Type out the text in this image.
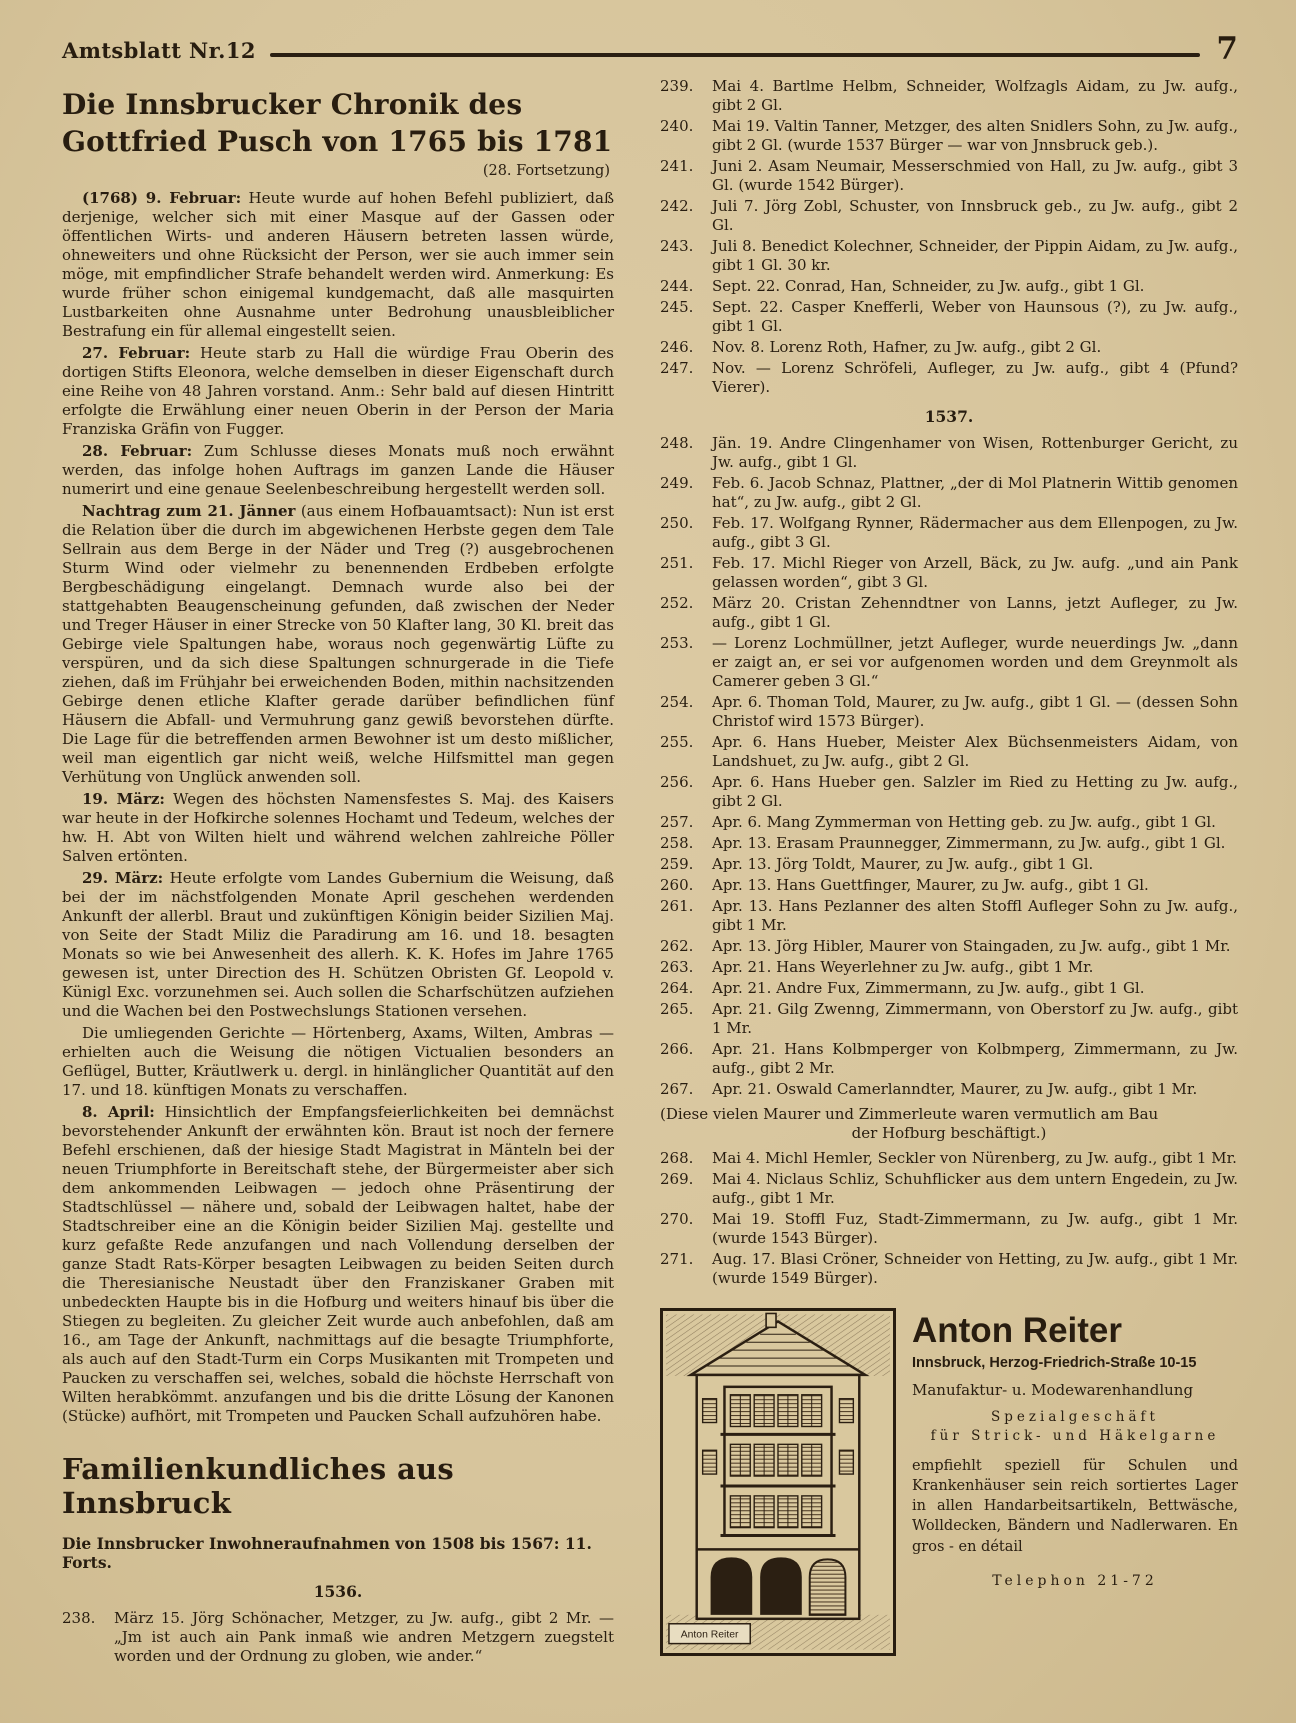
Amtsblatt Nr.12	7
Die Innsbrucker Chronik des
Gottfried Pusch von 1765 bis 1781
(28. Fortsetzung)

(1768) 9. Februar: Heute wurde auf hohen Befehl publiziert, daß derjenige, welcher sich mit einer Masque auf der Gassen oder öffentlichen Wirts- und anderen Häusern betreten lassen würde, ohneweiters und ohne Rücksicht der Person, wer sie auch immer sein möge, mit empfindlicher Strafe behandelt werden wird. Anmerkung: Es wurde früher schon einigemal kundgemacht, daß alle masquirten Lustbarkeiten ohne Ausnahme unter Bedrohung unausbleiblicher Bestrafung ein für allemal eingestellt seien.

27. Februar: Heute starb zu Hall die würdige Frau Oberin des dortigen Stifts Eleonora, welche demselben in dieser Eigenschaft durch eine Reihe von 48 Jahren vorstand. Anm.: Sehr bald auf diesen Hintritt erfolgte die Erwählung einer neuen Oberin in der Person der Maria Franziska Gräfin von Fugger.

28. Februar: Zum Schlusse dieses Monats muß noch erwähnt werden, das infolge hohen Auftrags im ganzen Lande die Häuser numerirt und eine genaue Seelenbeschreibung hergestellt werden soll.

Nachtrag zum 21. Jänner (aus einem Hofbauamtsact): Nun ist erst die Relation über die durch im abgewichenen Herbste gegen dem Tale Sellrain aus dem Berge in der Näder und Treg (?) ausgebrochenen Sturm Wind oder vielmehr zu benennenden Erdbeben erfolgte Bergbeschädigung eingelangt. Demnach wurde also bei der stattgehabten Beaugenscheinung gefunden, daß zwischen der Neder und Treger Häuser in einer Strecke von 50 Klafter lang, 30 Kl. breit das Gebirge viele Spaltungen habe, woraus noch gegenwärtig Lüfte zu verspüren, und da sich diese Spaltungen schnurgerade in die Tiefe ziehen, daß im Frühjahr bei erweichenden Boden, mithin nachsitzenden Gebirge denen etliche Klafter gerade darüber befindlichen fünf Häusern die Abfall- und Vermuhrung ganz gewiß bevorstehen dürfte. Die Lage für die betreffenden armen Bewohner ist um desto mißlicher, weil man eigentlich gar nicht weiß, welche Hilfsmittel man gegen Verhütung von Unglück anwenden soll.

19. März: Wegen des höchsten Namensfestes S. Maj. des Kaisers war heute in der Hofkirche solennes Hochamt und Tedeum, welches der hw. H. Abt von Wilten hielt und während welchen zahlreiche Pöller Salven ertönten.

29. März: Heute erfolgte vom Landes Gubernium die Weisung, daß bei der im nächstfolgenden Monate April geschehen werdenden Ankunft der allerbl. Braut und zukünftigen Königin beider Sizilien Maj. von Seite der Stadt Miliz die Paradirung am 16. und 18. besagten Monats so wie bei Anwesenheit des allerh. K. K. Hofes im Jahre 1765 gewesen ist, unter Direction des H. Schützen Obristen Gf. Leopold v. Künigl Exc. vorzunehmen sei. Auch sollen die Scharfschützen aufziehen und die Wachen bei den Postwechslungs Stationen versehen.

Die umliegenden Gerichte — Hörtenberg, Axams, Wilten, Ambras — erhielten auch die Weisung die nötigen Victualien besonders an Geflügel, Butter, Kräutlwerk u. dergl. in hinlänglicher Quantität auf den 17. und 18. künftigen Monats zu verschaffen.

8. April: Hinsichtlich der Empfangsfeierlichkeiten bei demnächst bevorstehender Ankunft der erwähnten kön. Braut ist noch der fernere Befehl erschienen, daß der hiesige Stadt Magistrat in Mänteln bei der neuen Triumphforte in Bereitschaft stehe, der Bürgermeister aber sich dem ankommenden Leibwagen — jedoch ohne Präsentirung der Stadtschlüssel — nähere und, sobald der Leibwagen haltet, habe der Stadtschreiber eine an die Königin beider Sizilien Maj. gestellte und kurz gefaßte Rede anzufangen und nach Vollendung derselben der ganze Stadt Rats-Körper besagten Leibwagen zu beiden Seiten durch die Theresianische Neustadt über den Franziskaner Graben mit unbedeckten Haupte bis in die Hofburg und weiters hinauf bis über die Stiegen zu begleiten. Zu gleicher Zeit wurde auch anbefohlen, daß am 16., am Tage der Ankunft, nachmittags auf die besagte Triumphforte, als auch auf den Stadt-Turm ein Corps Musikanten mit Trompeten und Paucken zu verschaffen sei, welches, sobald die höchste Herrschaft von Wilten herabkömmt. anzufangen und bis die dritte Lösung der Kanonen (Stücke) aufhört, mit Trompeten und Paucken Schall aufzuhören habe.

Familienkundliches aus Innsbruck
Die Innsbrucker Inwohneraufnahmen von 1508 bis 1567: 11. Forts.
1536.
238.	März 15. Jörg Schönacher, Metzger, zu Jw. aufg., gibt 2 Mr. — „Jm ist auch ain Pank inmaß wie andren Metzgern zuegstelt worden und der Ordnung zu globen, wie ander.“
239.	Mai 4. Bartlme Helbm, Schneider, Wolfzagls Aidam, zu Jw. aufg., gibt 2 Gl.
240.	Mai 19. Valtin Tanner, Metzger, des alten Snidlers Sohn, zu Jw. aufg., gibt 2 Gl. (wurde 1537 Bürger — war von Jnnsbruck geb.).
241.	Juni 2. Asam Neumair, Messerschmied von Hall, zu Jw. aufg., gibt 3 Gl. (wurde 1542 Bürger).
242.	Juli 7. Jörg Zobl, Schuster, von Innsbruck geb., zu Jw. aufg., gibt 2 Gl.
243.	Juli 8. Benedict Kolechner, Schneider, der Pippin Aidam, zu Jw. aufg., gibt 1 Gl. 30 kr.
244.	Sept. 22. Conrad, Han, Schneider, zu Jw. aufg., gibt 1 Gl.
245.	Sept. 22. Casper Knefferli, Weber von Haunsous (?), zu Jw. aufg., gibt 1 Gl.
246.	Nov. 8. Lorenz Roth, Hafner, zu Jw. aufg., gibt 2 Gl.
247.	Nov. — Lorenz Schröfeli, Aufleger, zu Jw. aufg., gibt 4 (Pfund? Vierer).
1537.
248.	Jän. 19. Andre Clingenhamer von Wisen, Rottenburger Gericht, zu Jw. aufg., gibt 1 Gl.
249.	Feb. 6. Jacob Schnaz, Plattner, „der di Mol Platnerin Wittib genomen hat“, zu Jw. aufg., gibt 2 Gl.
250.	Feb. 17. Wolfgang Rynner, Rädermacher aus dem Ellenpogen, zu Jw. aufg., gibt 3 Gl.
251.	Feb. 17. Michl Rieger von Arzell, Bäck, zu Jw. aufg. „und ain Pank gelassen worden“, gibt 3 Gl.
252.	März 20. Cristan Zehenndtner von Lanns, jetzt Aufleger, zu Jw. aufg., gibt 1 Gl.
253.	— Lorenz Lochmüllner, jetzt Aufleger, wurde neuerdings Jw. „dann er zaigt an, er sei vor aufgenomen worden und dem Greynmolt als Camerer geben 3 Gl.“
254.	Apr. 6. Thoman Told, Maurer, zu Jw. aufg., gibt 1 Gl. — (dessen Sohn Christof wird 1573 Bürger).
255.	Apr. 6. Hans Hueber, Meister Alex Büchsenmeisters Aidam, von Landshuet, zu Jw. aufg., gibt 2 Gl.
256.	Apr. 6. Hans Hueber gen. Salzler im Ried zu Hetting zu Jw. aufg., gibt 2 Gl.
257.	Apr. 6. Mang Zymmerman von Hetting geb. zu Jw. aufg., gibt 1 Gl.
258.	Apr. 13. Erasam Praunnegger, Zimmermann, zu Jw. aufg., gibt 1 Gl.
259.	Apr. 13. Jörg Toldt, Maurer, zu Jw. aufg., gibt 1 Gl.
260.	Apr. 13. Hans Guettfinger, Maurer, zu Jw. aufg., gibt 1 Gl.
261.	Apr. 13. Hans Pezlanner des alten Stoffl Aufleger Sohn zu Jw. aufg., gibt 1 Mr.
262.	Apr. 13. Jörg Hibler, Maurer von Staingaden, zu Jw. aufg., gibt 1 Mr.
263.	Apr. 21. Hans Weyerlehner zu Jw. aufg., gibt 1 Mr.
264.	Apr. 21. Andre Fux, Zimmermann, zu Jw. aufg., gibt 1 Gl.
265.	Apr. 21. Gilg Zwenng, Zimmermann, von Oberstorf zu Jw. aufg., gibt 1 Mr.
266.	Apr. 21. Hans Kolbmperger von Kolbmperg, Zimmermann, zu Jw. aufg., gibt 2 Mr.
267.	Apr. 21. Oswald Camerlanndter, Maurer, zu Jw. aufg., gibt 1 Mr.
(Diese vielen Maurer und Zimmerleute waren vermutlich am Bau
der Hofburg beschäftigt.)
268.	Mai 4. Michl Hemler, Seckler von Nürenberg, zu Jw. aufg., gibt 1 Mr.
269.	Mai 4. Niclaus Schliz, Schuhflicker aus dem untern Engedein, zu Jw. aufg., gibt 1 Mr.
270.	Mai 19. Stoffl Fuz, Stadt-Zimmermann, zu Jw. aufg., gibt 1 Mr. (wurde 1543 Bürger).
271.	Aug. 17. Blasi Cröner, Schneider von Hetting, zu Jw. aufg., gibt 1 Mr. (wurde 1549 Bürger).
Anton Reiter
Anton Reiter
Innsbruck, Herzog-Friedrich-Straße 10-15
Manufaktur- u. Modewarenhandlung
Spezialgeschäft
für Strick- und Häkelgarne

empfiehlt speziell für Schulen und Krankenhäuser sein reich sortiertes Lager in allen Handarbeitsartikeln, Bettwäsche, Wolldecken, Bändern und Nadlerwaren. En gros - en détail

Telephon 21-72
